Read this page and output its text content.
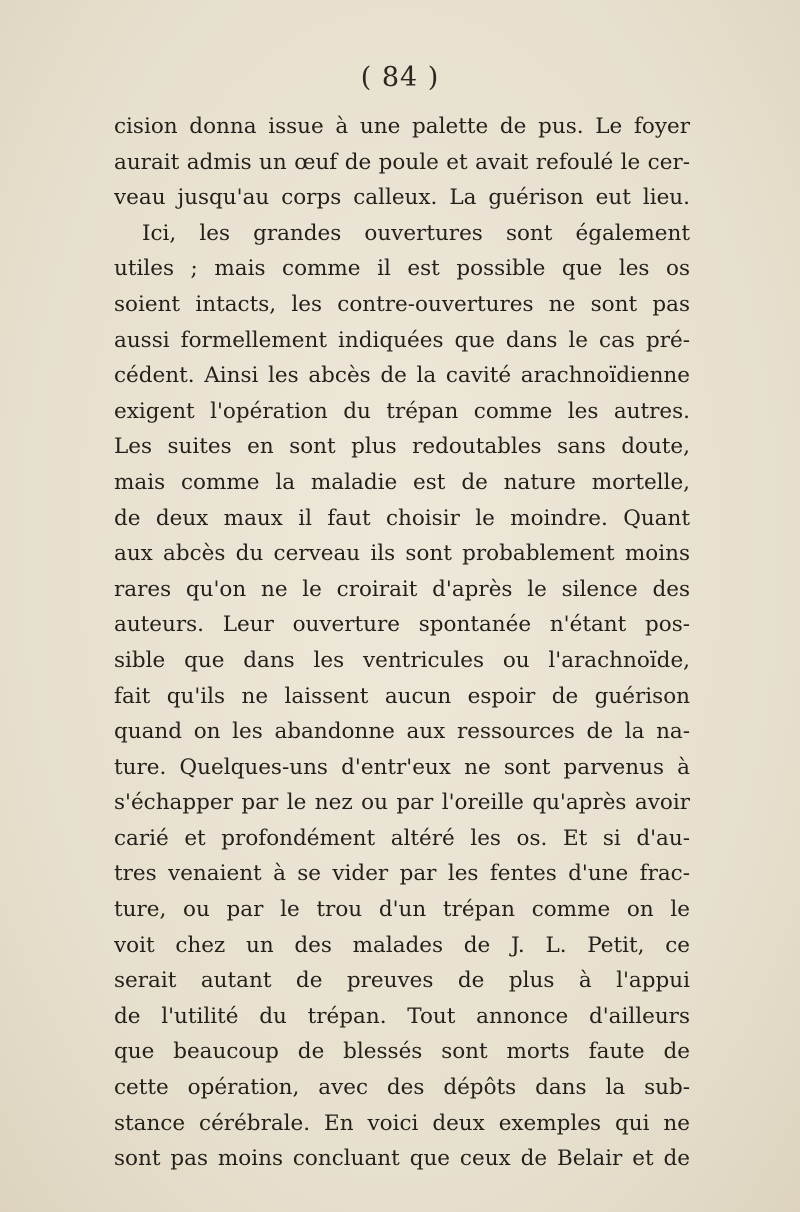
( 84 )
cision donna issue à une palette de pus. Le foyer
aurait admis un œuf de poule et avait refoulé le cer-
veau jusqu'au corps calleux. La guérison eut lieu.
Ici, les grandes ouvertures sont également
utiles ; mais comme il est possible que les os
soient intacts, les contre-ouvertures ne sont pas
aussi formellement indiquées que dans le cas pré-
cédent. Ainsi les abcès de la cavité arachnoïdienne
exigent l'opération du trépan comme les autres.
Les suites en sont plus redoutables sans doute,
mais comme la maladie est de nature mortelle,
de deux maux il faut choisir le moindre. Quant
aux abcès du cerveau ils sont probablement moins
rares qu'on ne le croirait d'après le silence des
auteurs. Leur ouverture spontanée n'étant pos-
sible que dans les ventricules ou l'arachnoïde,
fait qu'ils ne laissent aucun espoir de guérison
quand on les abandonne aux ressources de la na-
ture. Quelques-uns d'entr'eux ne sont parvenus à
s'échapper par le nez ou par l'oreille qu'après avoir
carié et profondément altéré les os. Et si d'au-
tres venaient à se vider par les fentes d'une frac-
ture, ou par le trou d'un trépan comme on le
voit chez un des malades de J. L. Petit, ce
serait autant de preuves de plus à l'appui
de l'utilité du trépan. Tout annonce d'ailleurs
que beaucoup de blessés sont morts faute de
cette opération, avec des dépôts dans la sub-
stance cérébrale. En voici deux exemples qui ne
sont pas moins concluant que ceux de Belair et de
